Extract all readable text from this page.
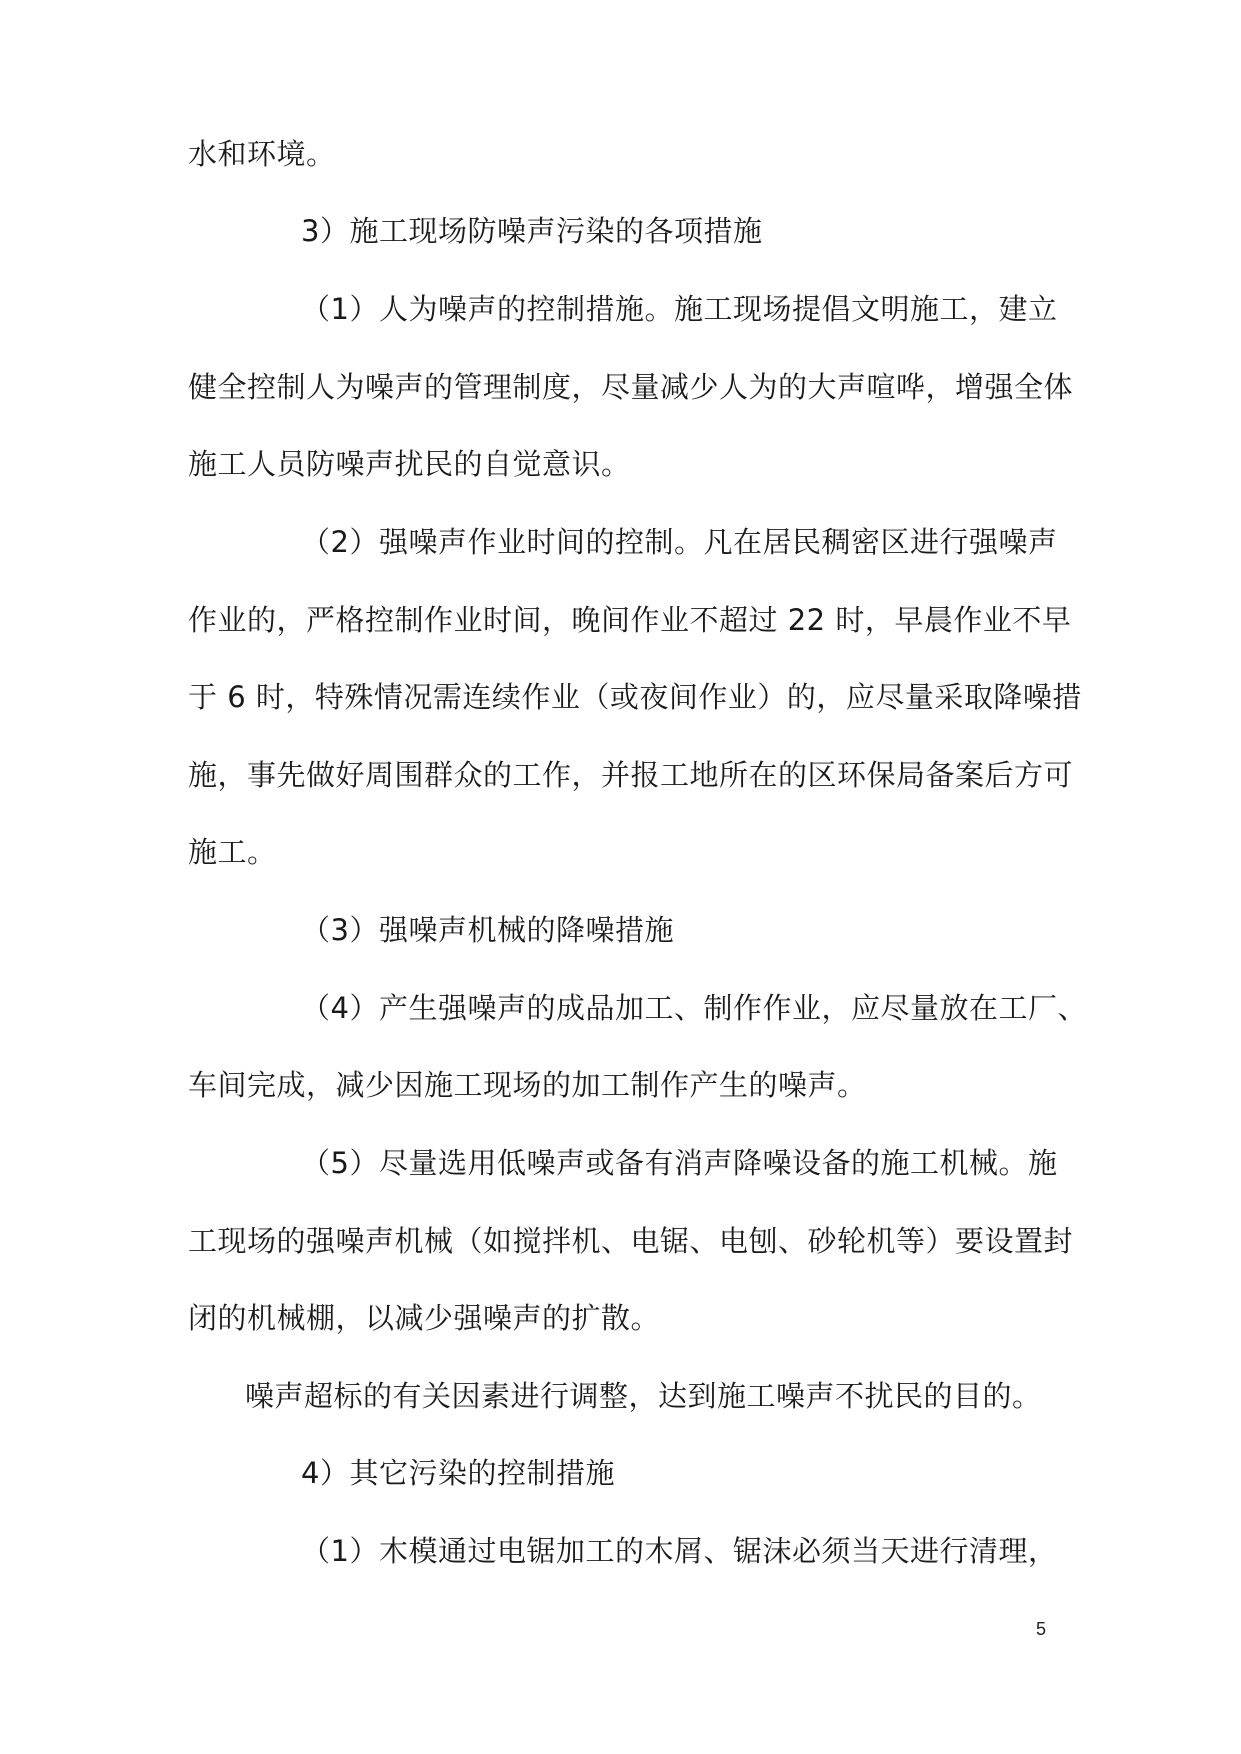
水和环境。
3）施工现场防噪声污染的各项措施
（1）人为噪声的控制措施。施工现场提倡文明施工，建立
健全控制人为噪声的管理制度，尽量减少人为的大声喧哗，增强全体
施工人员防噪声扰民的自觉意识。
（2）强噪声作业时间的控制。凡在居民稠密区进行强噪声
作业的，严格控制作业时间，晚间作业不超过 22 时，早晨作业不早
于 6 时，特殊情况需连续作业（或夜间作业）的，应尽量采取降噪措
施，事先做好周围群众的工作，并报工地所在的区环保局备案后方可
施工。
（3）强噪声机械的降噪措施
（4）产生强噪声的成品加工、制作作业，应尽量放在工厂、
车间完成，减少因施工现场的加工制作产生的噪声。
（5）尽量选用低噪声或备有消声降噪设备的施工机械。施
工现场的强噪声机械（如搅拌机、电锯、电刨、砂轮机等）要设置封
闭的机械棚，以减少强噪声的扩散。
噪声超标的有关因素进行调整，达到施工噪声不扰民的目的。
4）其它污染的控制措施
（1）木模通过电锯加工的木屑、锯沫必须当天进行清理，
5
